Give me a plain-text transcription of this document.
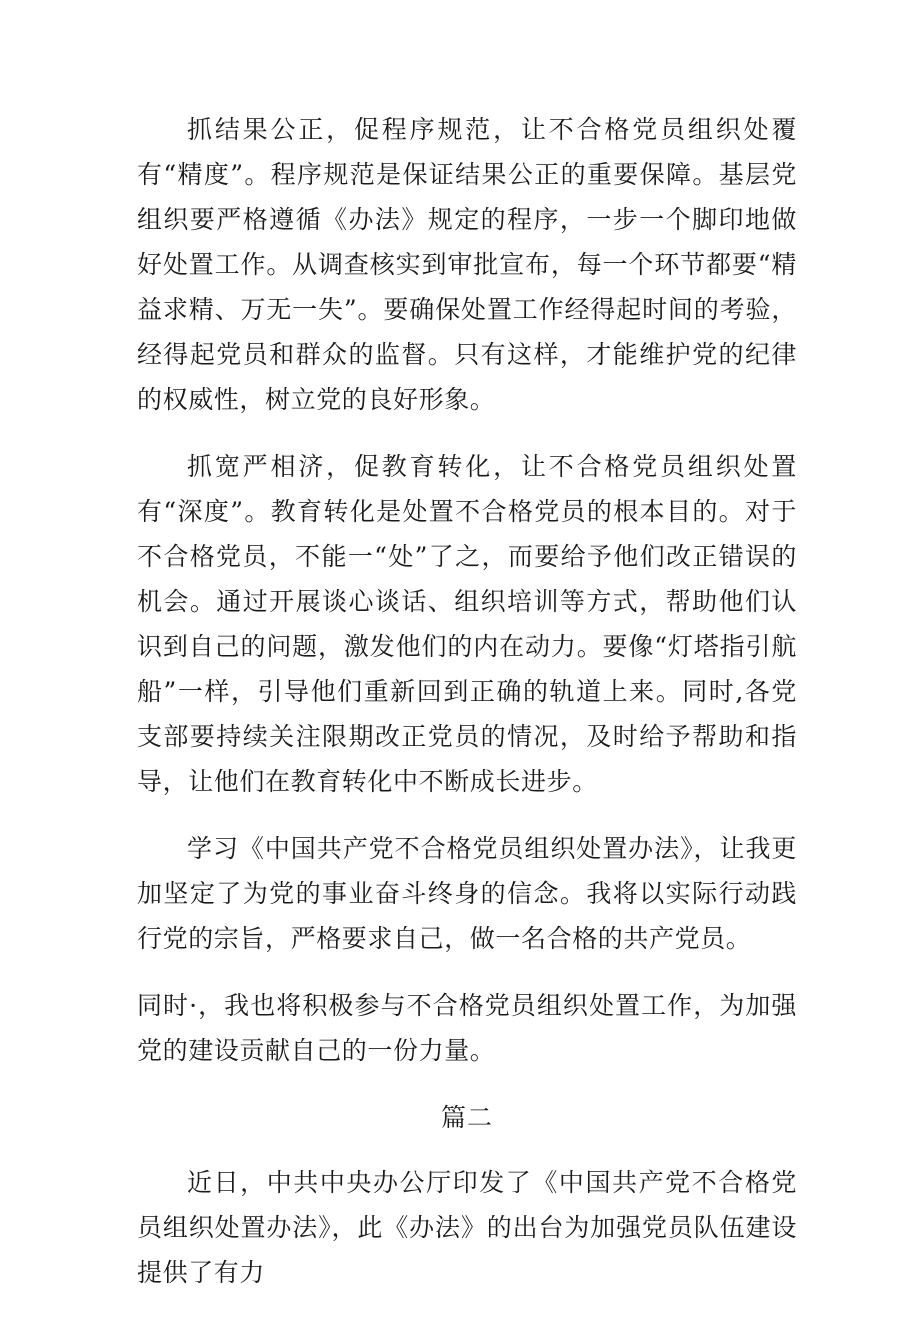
抓结果公正，促程序规范，让不合格党员组织处覆有“精度”。程序规范是保证结果公正的重要保障。基层党组织要严格遵循《办法》规定的程序，一步一个脚印地做好处置工作。从调查核实到审批宣布，每一个环节都要“精益求精、万无一失”。要确保处置工作经得起时间的考验，经得起党员和群众的监督。只有这样，才能维护党的纪律的权威性，树立党的良好形象。

抓宽严相济，促教育转化，让不合格党员组织处置有“深度”。教育转化是处置不合格党员的根本目的。对于不合格党员，不能一“处”了之，而要给予他们改正错误的机会。通过开展谈心谈话、组织培训等方式，帮助他们认识到自己的问题，激发他们的内在动力。要像“灯塔指引航船”一样，引导他们重新回到正确的轨道上来。同时,各党支部要持续关注限期改正党员的情况，及时给予帮助和指导，让他们在教育转化中不断成长进步。

学习《中国共产党不合格党员组织处置办法》，让我更加坚定了为党的事业奋斗终身的信念。我将以实际行动践行党的宗旨，严格要求自己，做一名合格的共产党员。

同时·，我也将积极参与不合格党员组织处置工作，为加强党的建设贡献自己的一份力量。

篇二

近日，中共中央办公厅印发了《中国共产党不合格党员组织处置办法》，此《办法》的出台为加强党员队伍建设提供了有力
